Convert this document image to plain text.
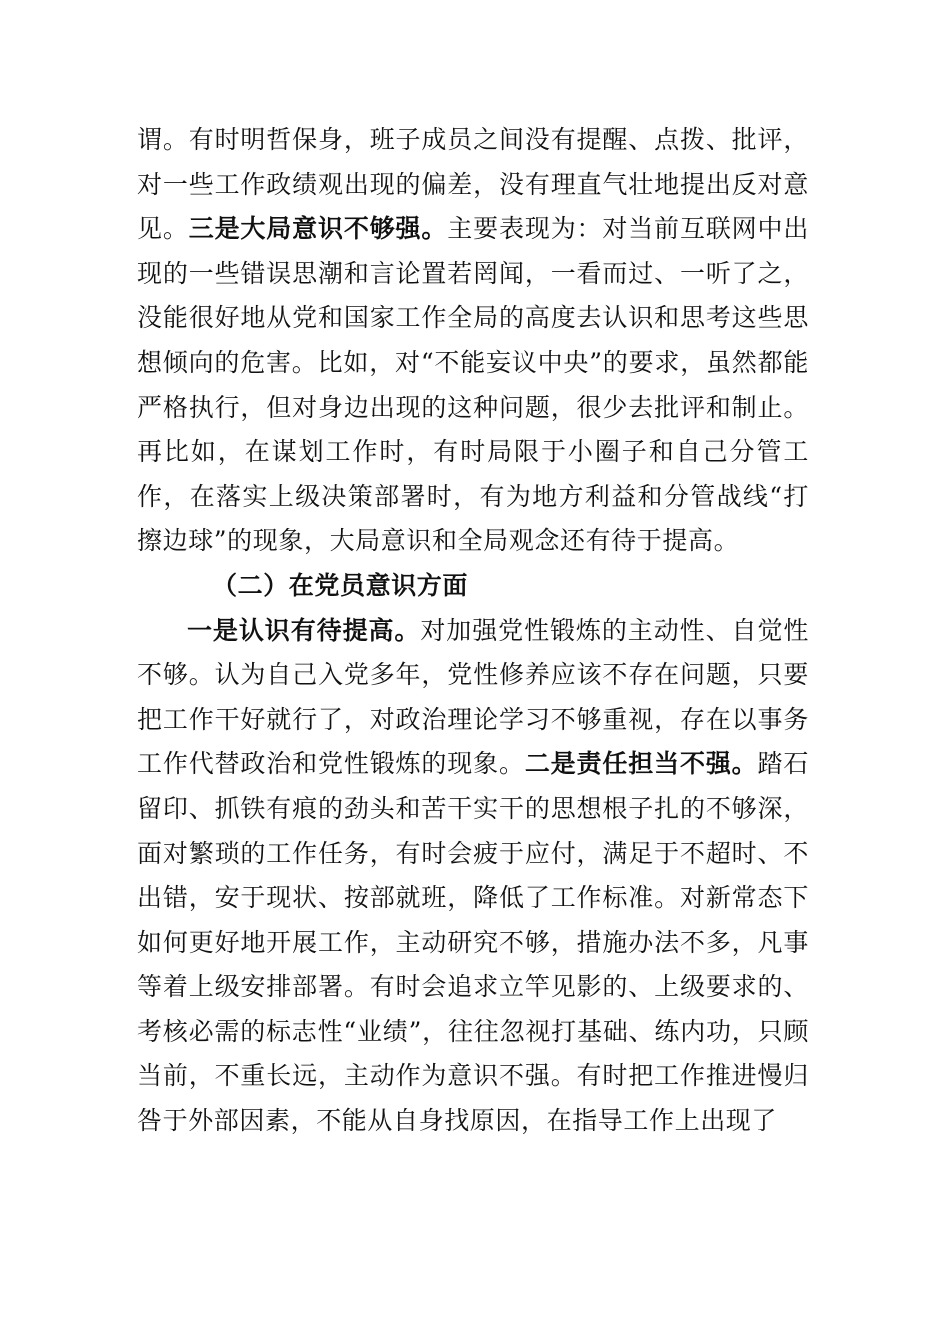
谓。有时明哲保身，班子成员之间没有提醒、点拨、批评，对一些工作政绩观出现的偏差，没有理直气壮地提出反对意见。三是大局意识不够强。主要表现为：对当前互联网中出现的一些错误思潮和言论置若罔闻，一看而过、一听了之，没能很好地从党和国家工作全局的高度去认识和思考这些思想倾向的危害。比如，对“不能妄议中央”的要求，虽然都能严格执行，但对身边出现的这种问题，很少去批评和制止。再比如，在谋划工作时，有时局限于小圈子和自己分管工作，在落实上级决策部署时，有为地方利益和分管战线“打擦边球”的现象，大局意识和全局观念还有待于提高。

（二）在党员意识方面

一是认识有待提高。对加强党性锻炼的主动性、自觉性不够。认为自己入党多年，党性修养应该不存在问题，只要把工作干好就行了，对政治理论学习不够重视，存在以事务工作代替政治和党性锻炼的现象。二是责任担当不强。踏石留印、抓铁有痕的劲头和苦干实干的思想根子扎的不够深，面对繁琐的工作任务，有时会疲于应付，满足于不超时、不出错，安于现状、按部就班，降低了工作标准。对新常态下如何更好地开展工作，主动研究不够，措施办法不多，凡事等着上级安排部署。有时会追求立竿见影的、上级要求的、考核必需的标志性“业绩”，往往忽视打基础、练内功，只顾当前，不重长远，主动作为意识不强。有时把工作推进慢归咎于外部因素，不能从自身找原因，在指导工作上出现了
